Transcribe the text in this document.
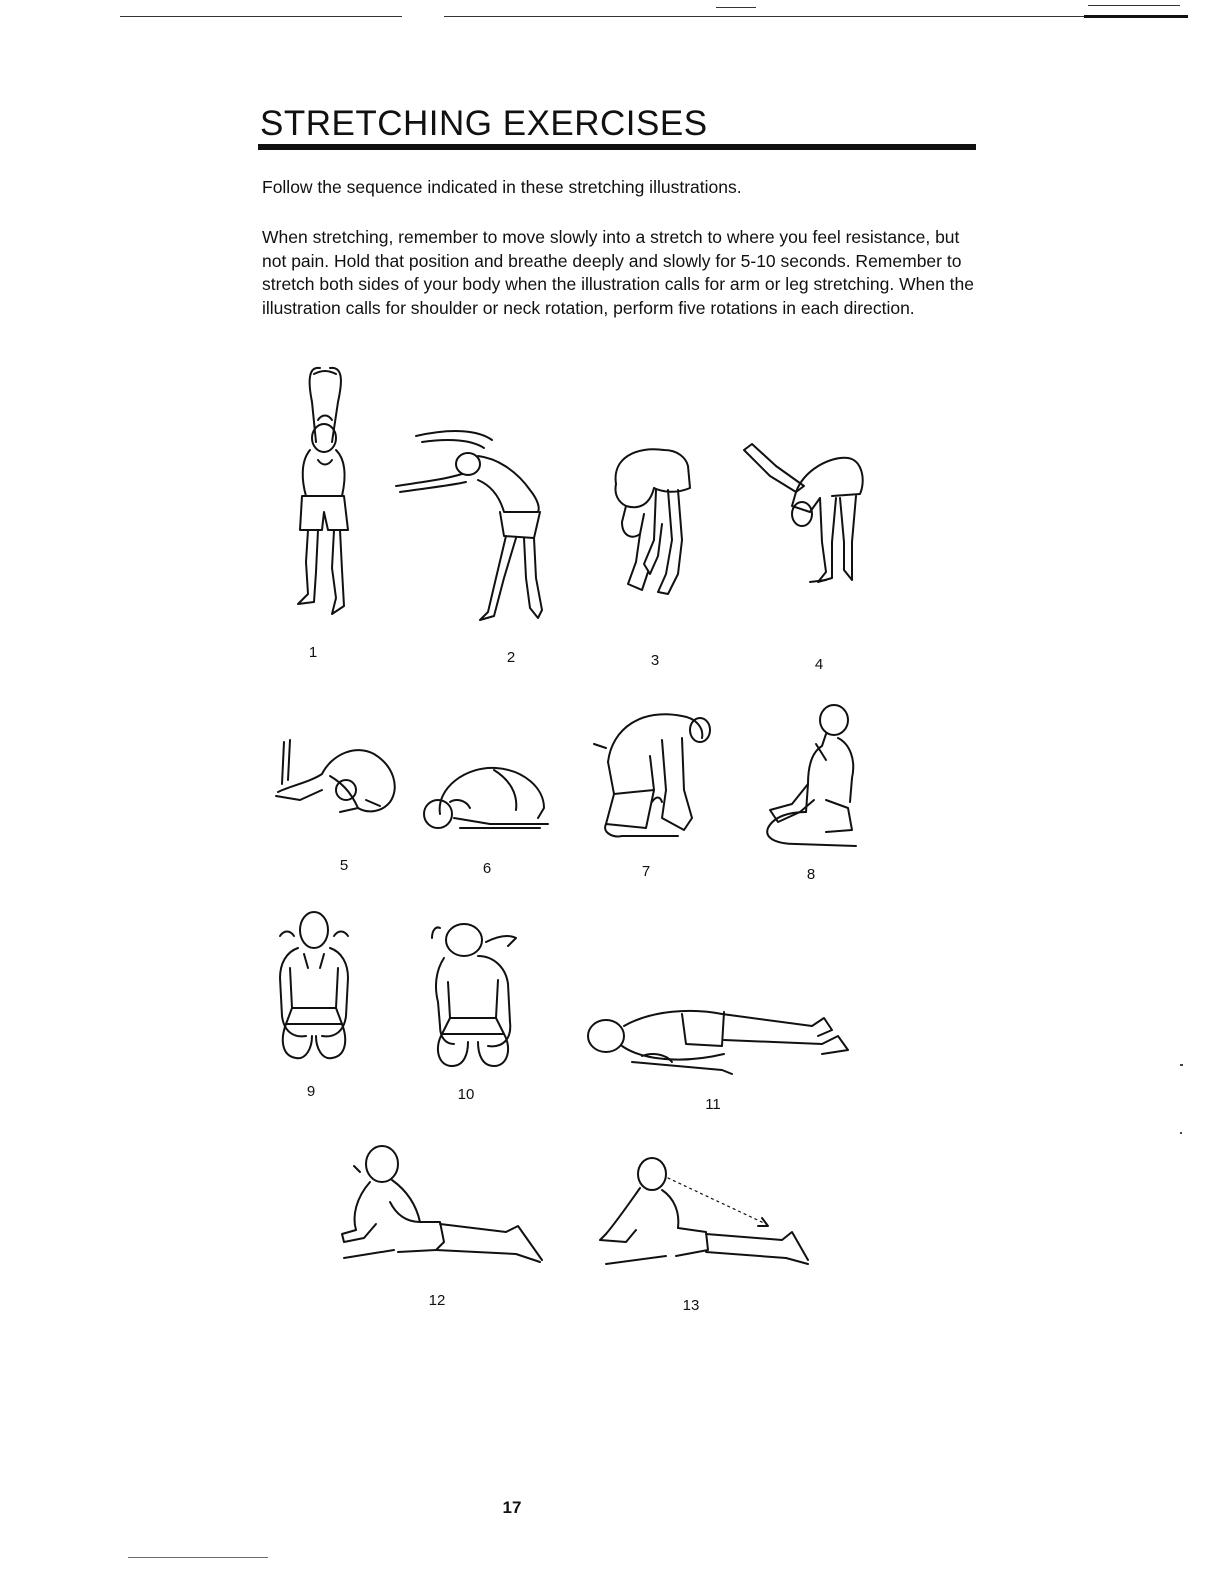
STRETCHING EXERCISES

Follow the sequence indicated in these stretching illustrations.

When stretching, remember to move slowly into a stretch to where you feel resistance, but not pain. Hold that position and breathe deeply and slowly for 5-10 seconds. Remember to stretch both sides of your body when the illustration calls for arm or leg stretching. When the illustration calls for shoulder or neck rotation, perform five rotations in each direction.

1	2	3	4
5	6	7	8
9	10
11
12	13
17
